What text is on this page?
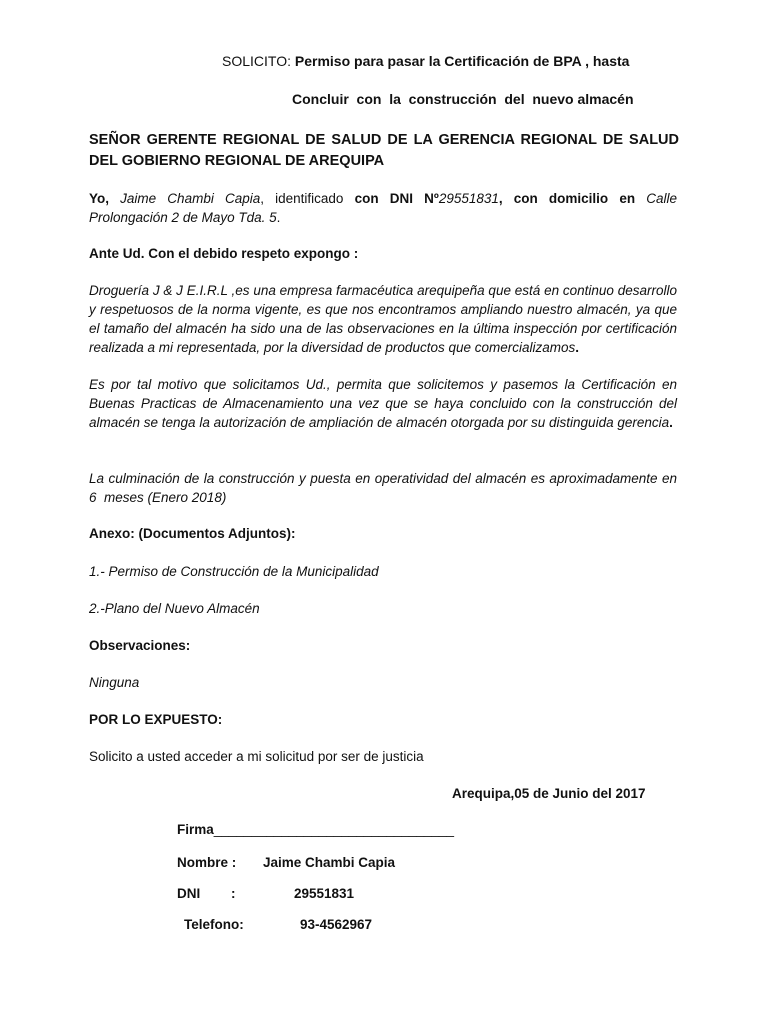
SOLICITO: Permiso para pasar la Certificación de BPA , hasta
Concluir  con  la  construcción  del  nuevo almacén
SEÑOR GERENTE REGIONAL DE SALUD DE LA GERENCIA REGIONAL DE SALUD DEL GOBIERNO REGIONAL DE AREQUIPA
Yo, Jaime Chambi Capia, identificado con DNI Nº29551831, con domicilio en Calle Prolongación 2 de Mayo Tda. 5.
Ante Ud. Con el debido respeto expongo :
Droguería J & J E.I.R.L ,es una empresa farmacéutica arequipeña que está en continuo desarrollo y respetuosos de la norma vigente, es que nos encontramos ampliando nuestro almacén, ya que el tamaño del almacén ha sido una de las observaciones en la última inspección por certificación realizada a mi representada, por la diversidad de productos que comercializamos.
Es por tal motivo que solicitamos Ud., permita que solicitemos y pasemos la Certificación en Buenas Practicas de Almacenamiento una vez que se haya concluido con la construcción del almacén se tenga la autorización de ampliación de almacén otorgada por su distinguida gerencia.
La culminación de la construcción y puesta en operatividad del almacén es aproximadamente en 6  meses (Enero 2018)
Anexo: (Documentos Adjuntos):
1.- Permiso de Construcción de la Municipalidad
2.-Plano del Nuevo Almacén
Observaciones:
Ninguna
POR LO EXPUESTO:
Solicito a usted acceder a mi solicitud por ser de justicia
Arequipa,05 de Junio del 2017
Firma________________________________
Nombre : Jaime Chambi Capia
DNI :	29551831
Telefono:	93-4562967
